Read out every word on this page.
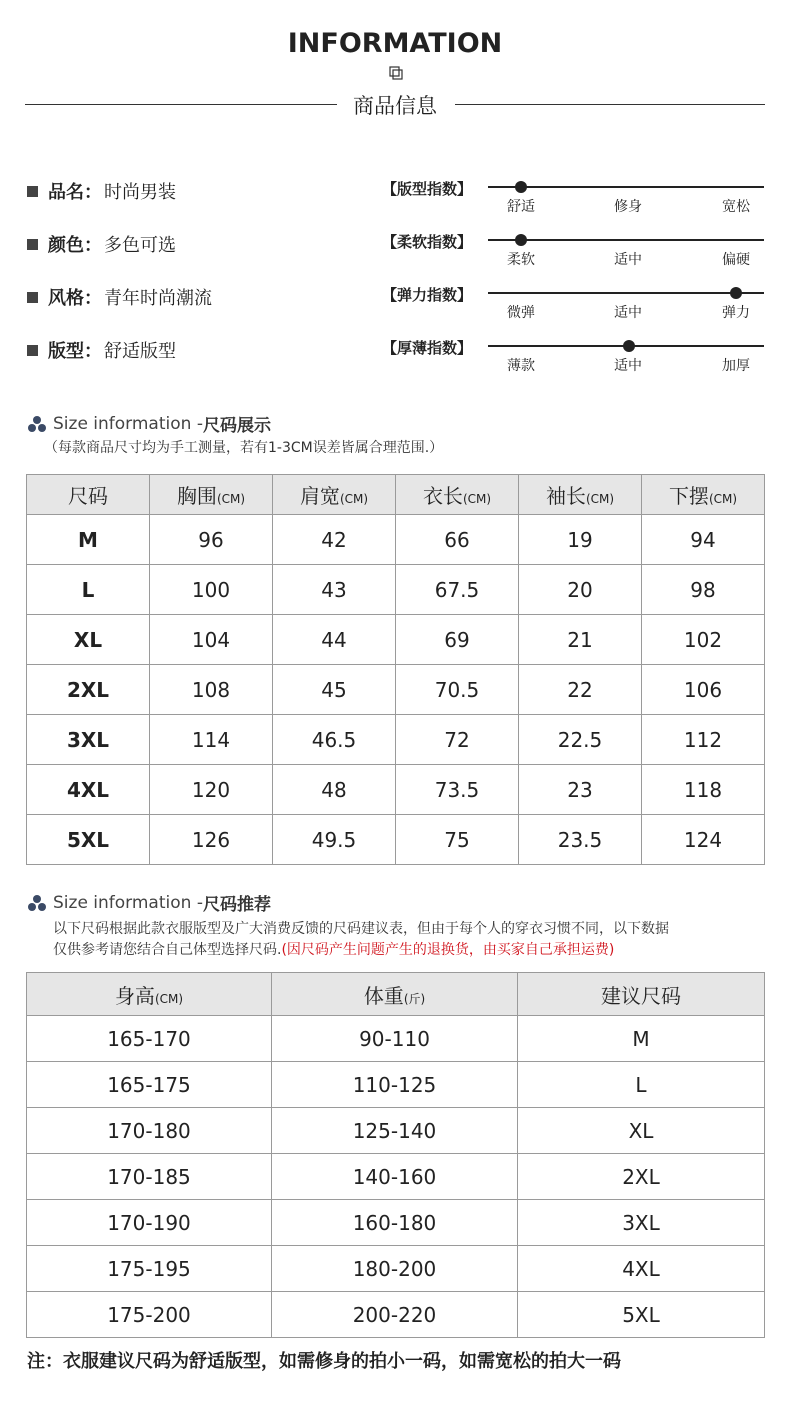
INFORMATION
商品信息
品名： 时尚男装
颜色： 多色可选
风格： 青年时尚潮流
版型： 舒适版型
【版型指数】
舒适	修身	宽松
【柔软指数】
柔软	适中	偏硬
【弹力指数】
微弹	适中	弹力
【厚薄指数】
薄款	适中	加厚
Size information - 尺码展示
（每款商品尺寸均为手工测量，若有1-3CM误差皆属合理范围.）
尺码	胸围(CM)	肩宽(CM)	衣长(CM)	袖长(CM)	下摆(CM)
M	96	42	66	19	94
L	100	43	67.5	20	98
XL	104	44	69	21	102
2XL	108	45	70.5	22	106
3XL	114	46.5	72	22.5	112
4XL	120	48	73.5	23	118
5XL	126	49.5	75	23.5	124
Size information - 尺码推荐
以下尺码根据此款衣服版型及广大消费反馈的尺码建议表，但由于每个人的穿衣习惯不同，以下数据
仅供参考请您结合自己体型选择尺码.(因尺码产生问题产生的退换货，由买家自己承担运费)
身高(CM)	体重(斤)	建议尺码
165-170	90-110	M
165-175	110-125	L
170-180	125-140	XL
170-185	140-160	2XL
170-190	160-180	3XL
175-195	180-200	4XL
175-200	200-220	5XL
注：衣服建议尺码为舒适版型，如需修身的拍小一码，如需宽松的拍大一码
